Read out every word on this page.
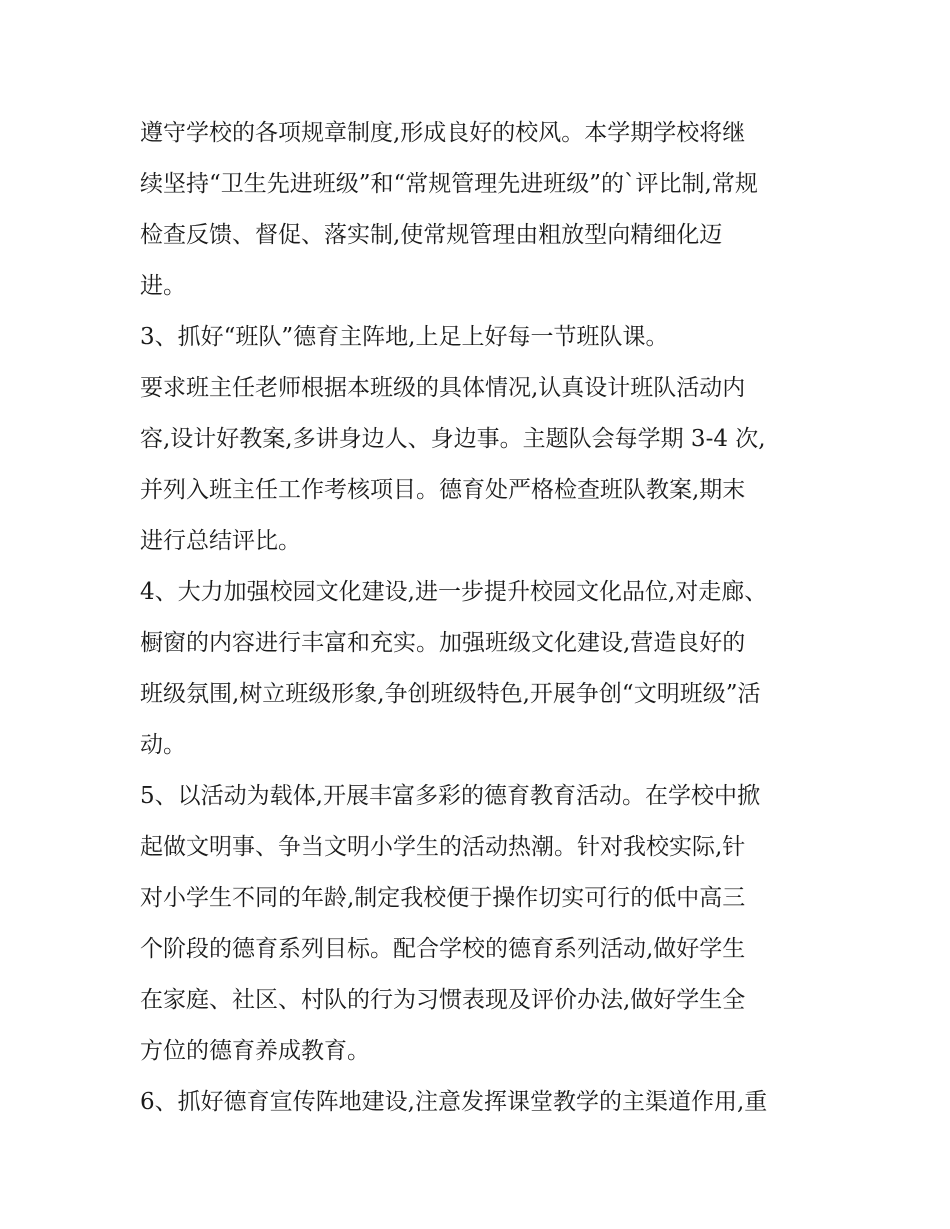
遵守学校的各项规章制度,形成良好的校风。本学期学校将继
续坚持“卫生先进班级”和“常规管理先进班级”的`评比制,常规
检查反馈、督促、落实制,使常规管理由粗放型向精细化迈
进。
3、抓好“班队”德育主阵地,上足上好每一节班队课。
要求班主任老师根据本班级的具体情况,认真设计班队活动内
容,设计好教案,多讲身边人、身边事。主题队会每学期 3-4 次,
并列入班主任工作考核项目。德育处严格检查班队教案,期末
进行总结评比。
4、大力加强校园文化建设,进一步提升校园文化品位,对走廊、
橱窗的内容进行丰富和充实。加强班级文化建设,营造良好的
班级氛围,树立班级形象,争创班级特色,开展争创“文明班级”活
动。
5、以活动为载体,开展丰富多彩的德育教育活动。在学校中掀
起做文明事、争当文明小学生的活动热潮。针对我校实际,针
对小学生不同的年龄,制定我校便于操作切实可行的低中高三
个阶段的德育系列目标。配合学校的德育系列活动,做好学生
在家庭、社区、村队的行为习惯表现及评价办法,做好学生全
方位的德育养成教育。
6、抓好德育宣传阵地建设,注意发挥课堂教学的主渠道作用,重
